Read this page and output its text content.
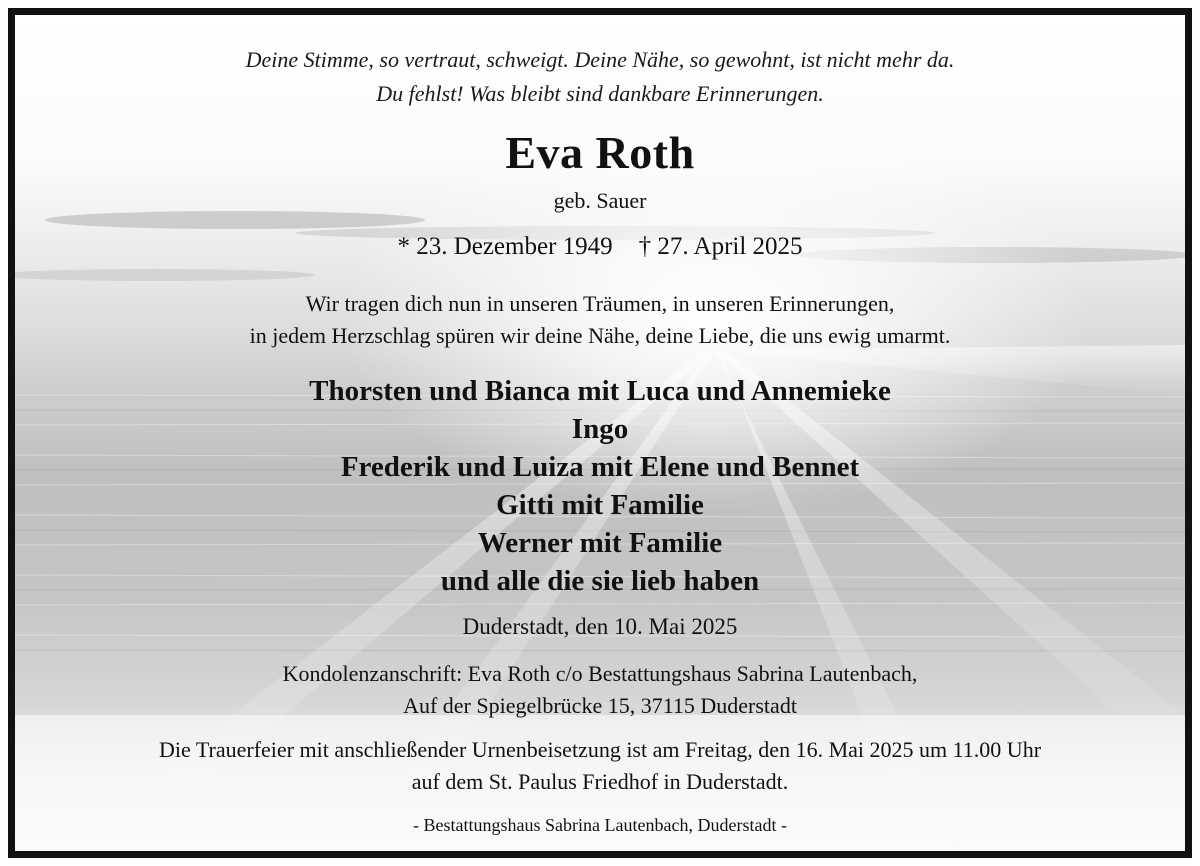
Deine Stimme, so vertraut, schweigt. Deine Nähe, so gewohnt, ist nicht mehr da.

Du fehlst! Was bleibt sind dankbare Erinnerungen.

Eva Roth

geb. Sauer

* 23. Dezember 1949 † 27. April 2025

Wir tragen dich nun in unseren Träumen, in unseren Erinnerungen,

in jedem Herzschlag spüren wir deine Nähe, deine Liebe, die uns ewig umarmt.

Thorsten und Bianca mit Luca und Annemieke

Ingo

Frederik und Luiza mit Elene und Bennet

Gitti mit Familie

Werner mit Familie

und alle die sie lieb haben

Duderstadt, den 10. Mai 2025

Kondolenzanschrift: Eva Roth c/o Bestattungshaus Sabrina Lautenbach,

Auf der Spiegelbrücke 15, 37115 Duderstadt

Die Trauerfeier mit anschließender Urnenbeisetzung ist am Freitag, den 16. Mai 2025 um 11.00 Uhr

auf dem St. Paulus Friedhof in Duderstadt.

- Bestattungshaus Sabrina Lautenbach, Duderstadt -
